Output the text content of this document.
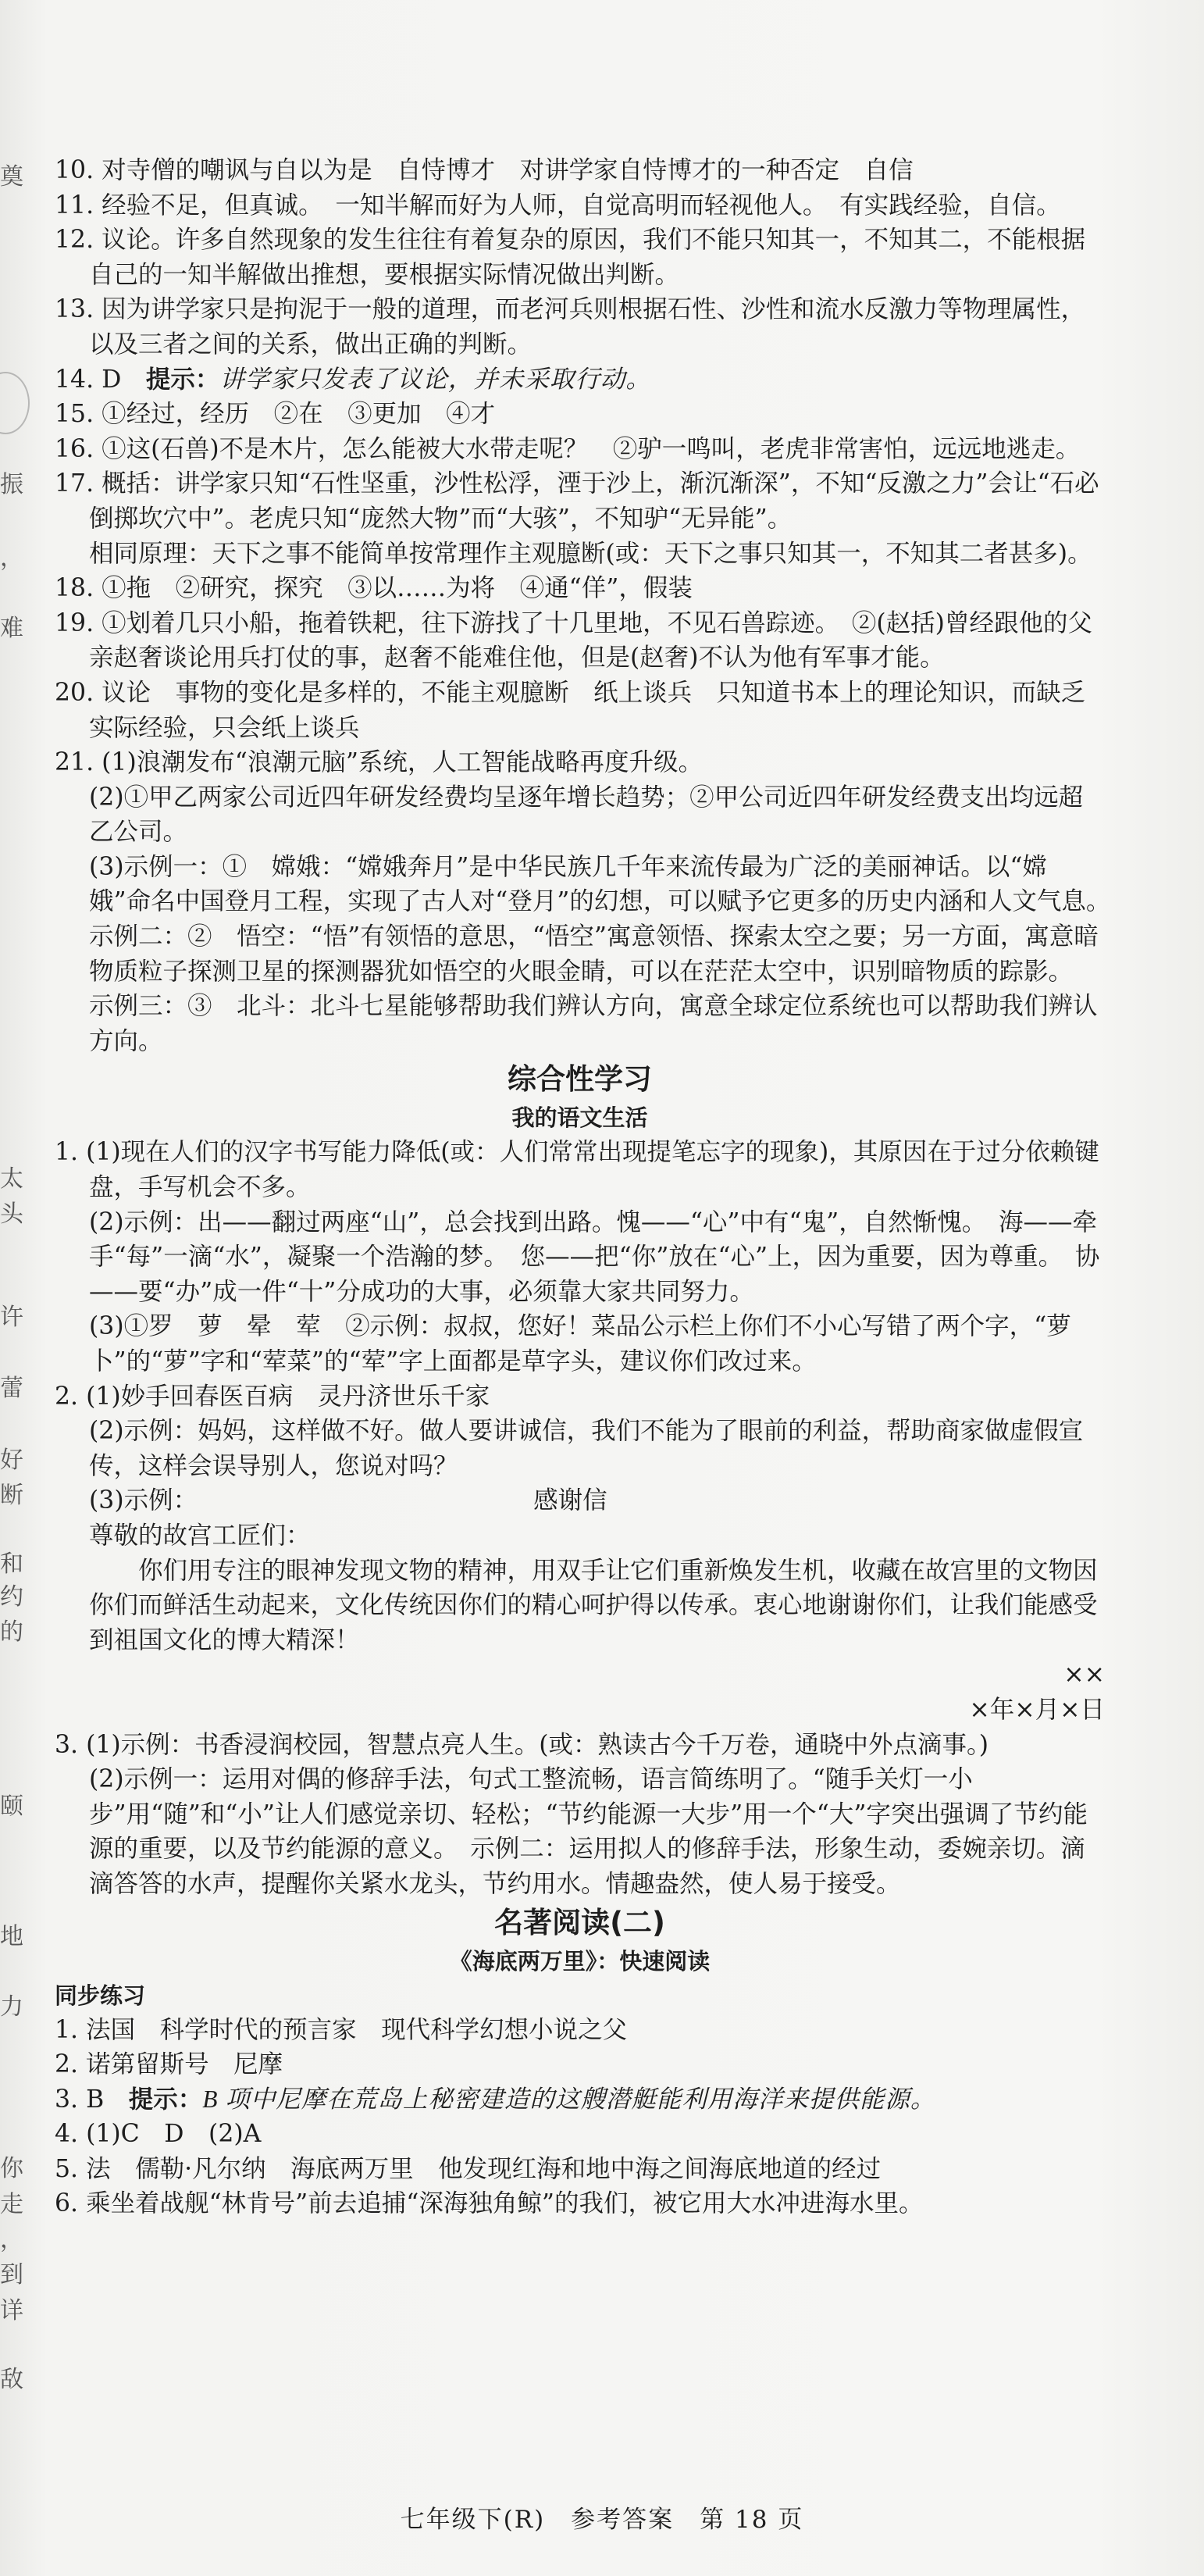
奠
振
，
难
太
头
许
蕾
好
断
和
约
的
颐
地
力
你
走
，
到
详
敌

10. 对寺僧的嘲讽与自以为是　自恃博才　对讲学家自恃博才的一种否定　自信

11. 经验不足，但真诚。　一知半解而好为人师，自觉高明而轻视他人。　有实践经验，自信。

12. 议论。许多自然现象的发生往往有着复杂的原因，我们不能只知其一，不知其二，不能根据自己的一知半解做出推想，要根据实际情况做出判断。

13. 因为讲学家只是拘泥于一般的道理，而老河兵则根据石性、沙性和流水反激力等物理属性，以及三者之间的关系，做出正确的判断。

14. D　提示：讲学家只发表了议论，并未采取行动。

15. ①经过，经历　②在　③更加　④才

16. ①这(石兽)不是木片，怎么能被大水带走呢？　②驴一鸣叫，老虎非常害怕，远远地逃走。

17. 概括：讲学家只知“石性坚重，沙性松浮，湮于沙上，渐沉渐深”，不知“反激之力”会让“石必倒掷坎穴中”。老虎只知“庞然大物”而“大骇”，不知驴“无异能”。

相同原理：天下之事不能简单按常理作主观臆断(或：天下之事只知其一，不知其二者甚多)。

18. ①拖　②研究，探究　③以……为将　④通“佯”，假装

19. ①划着几只小船，拖着铁耙，往下游找了十几里地，不见石兽踪迹。　②(赵括)曾经跟他的父亲赵奢谈论用兵打仗的事，赵奢不能难住他，但是(赵奢)不认为他有军事才能。

20. 议论　事物的变化是多样的，不能主观臆断　纸上谈兵　只知道书本上的理论知识，而缺乏实际经验，只会纸上谈兵

21. (1)浪潮发布“浪潮元脑”系统，人工智能战略再度升级。

(2)①甲乙两家公司近四年研发经费均呈逐年增长趋势；②甲公司近四年研发经费支出均远超乙公司。

(3)示例一：①　嫦娥：“嫦娥奔月”是中华民族几千年来流传最为广泛的美丽神话。以“嫦娥”命名中国登月工程，实现了古人对“登月”的幻想，可以赋予它更多的历史内涵和人文气息。　示例二：②　悟空：“悟”有领悟的意思，“悟空”寓意领悟、探索太空之要；另一方面，寓意暗物质粒子探测卫星的探测器犹如悟空的火眼金睛，可以在茫茫太空中，识别暗物质的踪影。　示例三：③　北斗：北斗七星能够帮助我们辨认方向，寓意全球定位系统也可以帮助我们辨认方向。

综合性学习

我的语文生活

1. (1)现在人们的汉字书写能力降低(或：人们常常出现提笔忘字的现象)，其原因在于过分依赖键盘，手写机会不多。

(2)示例：出——翻过两座“山”，总会找到出路。愧——“心”中有“鬼”，自然惭愧。　海——牵手“每”一滴“水”，凝聚一个浩瀚的梦。　您——把“你”放在“心”上，因为重要，因为尊重。　协——要“办”成一件“十”分成功的大事，必须靠大家共同努力。

(3)①罗　萝　晕　荤　②示例：叔叔，您好！菜品公示栏上你们不小心写错了两个字，“萝卜”的“萝”字和“荤菜”的“荤”字上面都是草字头，建议你们改过来。

2. (1)妙手回春医百病　灵丹济世乐千家

(2)示例：妈妈，这样做不好。做人要讲诚信，我们不能为了眼前的利益，帮助商家做虚假宣传，这样会误导别人，您说对吗？

(3)示例：	感谢信

尊敬的故宫工匠们：

你们用专注的眼神发现文物的精神，用双手让它们重新焕发生机，收藏在故宫里的文物因你们而鲜活生动起来，文化传统因你们的精心呵护得以传承。衷心地谢谢你们，让我们能感受到祖国文化的博大精深！

××

×年×月×日

3. (1)示例：书香浸润校园，智慧点亮人生。(或：熟读古今千万卷，通晓中外点滴事。)

(2)示例一：运用对偶的修辞手法，句式工整流畅，语言简练明了。“随手关灯一小步”用“随”和“小”让人们感觉亲切、轻松；“节约能源一大步”用一个“大”字突出强调了节约能源的重要，以及节约能源的意义。　示例二：运用拟人的修辞手法，形象生动，委婉亲切。滴滴答答的水声，提醒你关紧水龙头，节约用水。情趣盎然，使人易于接受。

名著阅读(二)

《海底两万里》：快速阅读

同步练习

1. 法国　科学时代的预言家　现代科学幻想小说之父

2. 诺第留斯号　尼摩

3. B　提示：B 项中尼摩在荒岛上秘密建造的这艘潜艇能利用海洋来提供能源。

4. (1)C　D　(2)A

5. 法　儒勒·凡尔纳　海底两万里　他发现红海和地中海之间海底地道的经过

6. 乘坐着战舰“林肯号”前去追捕“深海独角鲸”的我们，被它用大水冲进海水里。

七年级下(R)　参考答案　第 18 页
